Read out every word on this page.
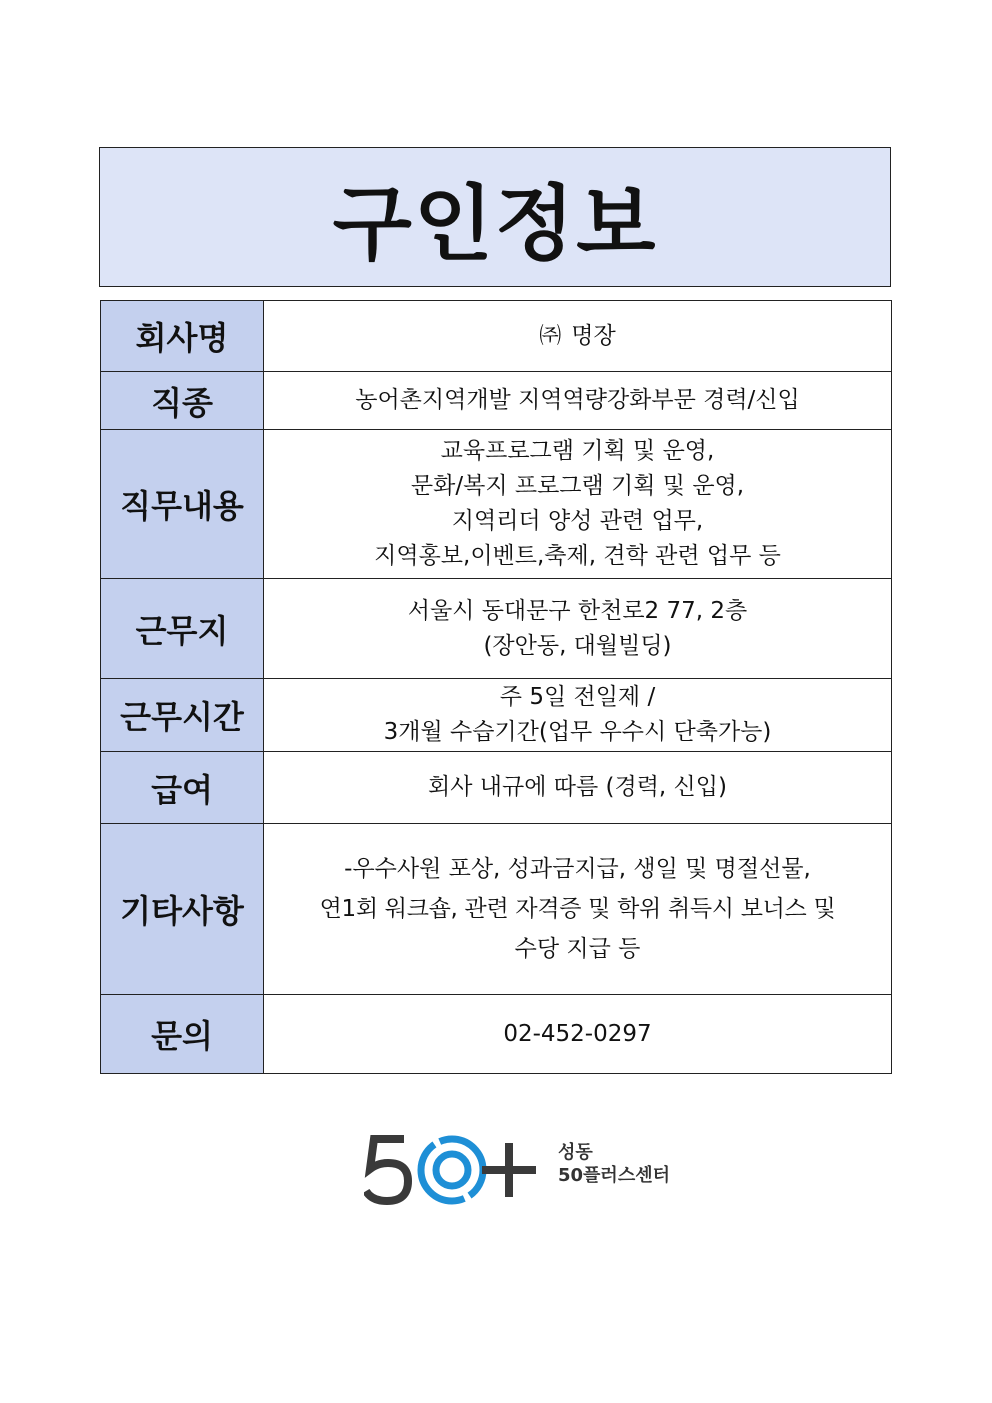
구인정보
회사명	㈜ 명장
직종	농어촌지역개발 지역역량강화부문 경력/신입
직무내용	교육프로그램 기획 및 운영,
문화/복지 프로그램 기획 및 운영,
지역리더 양성 관련 업무,
지역홍보,이벤트,축제, 견학 관련 업무 등

근무지	서울시 동대문구 한천로2 77, 2층
(장안동, 대월빌딩)

근무시간	주 5일 전일제 /
3개월 수습기간(업무 우수시 단축가능)

급여	회사 내규에 따름 (경력, 신입)
기타사항	-우수사원 포상, 성과금지급, 생일 및 명절선물,
연1회 워크숍, 관련 자격증 및 학위 취득시 보너스 및
수당 지급 등

문의	02-452-0297
성동
50플러스센터
